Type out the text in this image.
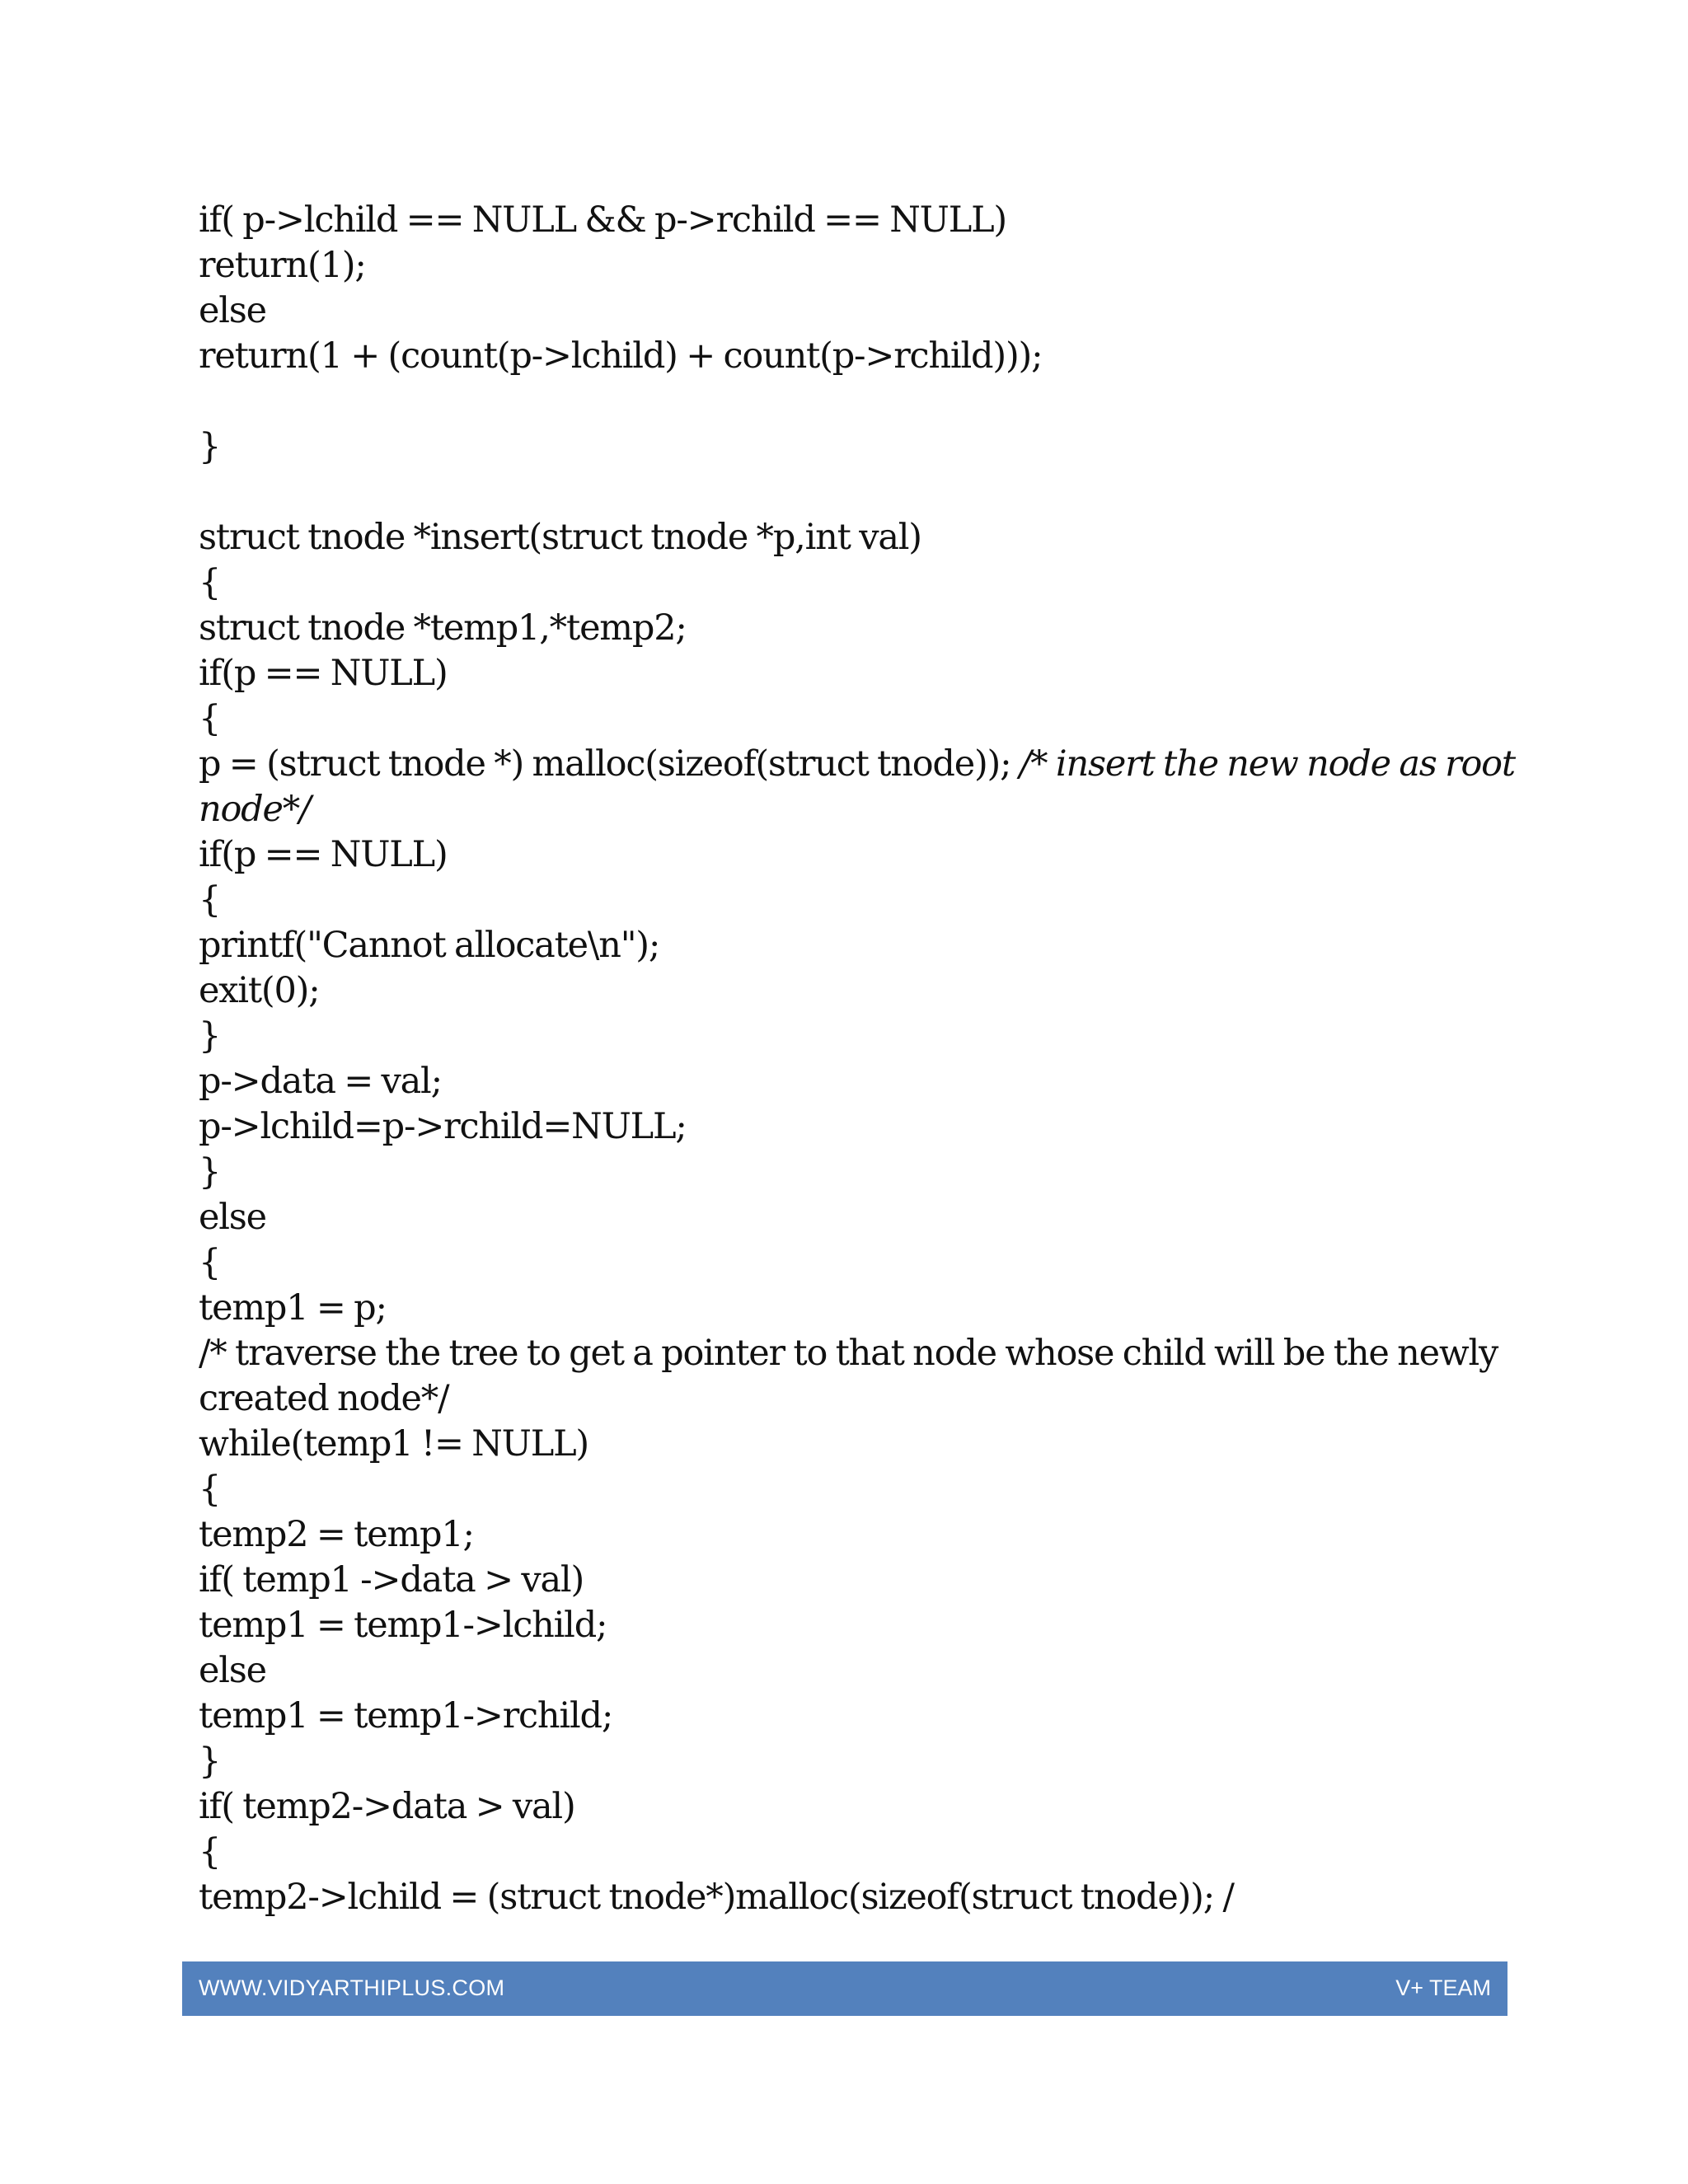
if( p->lchild == NULL && p->rchild == NULL)
return(1);
else
return(1 + (count(p->lchild) + count(p->rchild)));
}
struct tnode *insert(struct tnode *p,int val)
{
struct tnode *temp1,*temp2;
if(p == NULL)
{
p = (struct tnode *) malloc(sizeof(struct tnode)); /* insert the new node as root
node*/
if(p == NULL)
{
printf("Cannot allocate\n");
exit(0);
}
p->data = val;
p->lchild=p->rchild=NULL;
}
else
{
temp1 = p;
/* traverse the tree to get a pointer to that node whose child will be the newly
created node*/
while(temp1 != NULL)
{
temp2 = temp1;
if( temp1 ->data > val)
temp1 = temp1->lchild;
else
temp1 = temp1->rchild;
}
if( temp2->data > val)
{
temp2->lchild = (struct tnode*)malloc(sizeof(struct tnode)); /
WWW.VIDYARTHIPLUS.COM	V+ TEAM
